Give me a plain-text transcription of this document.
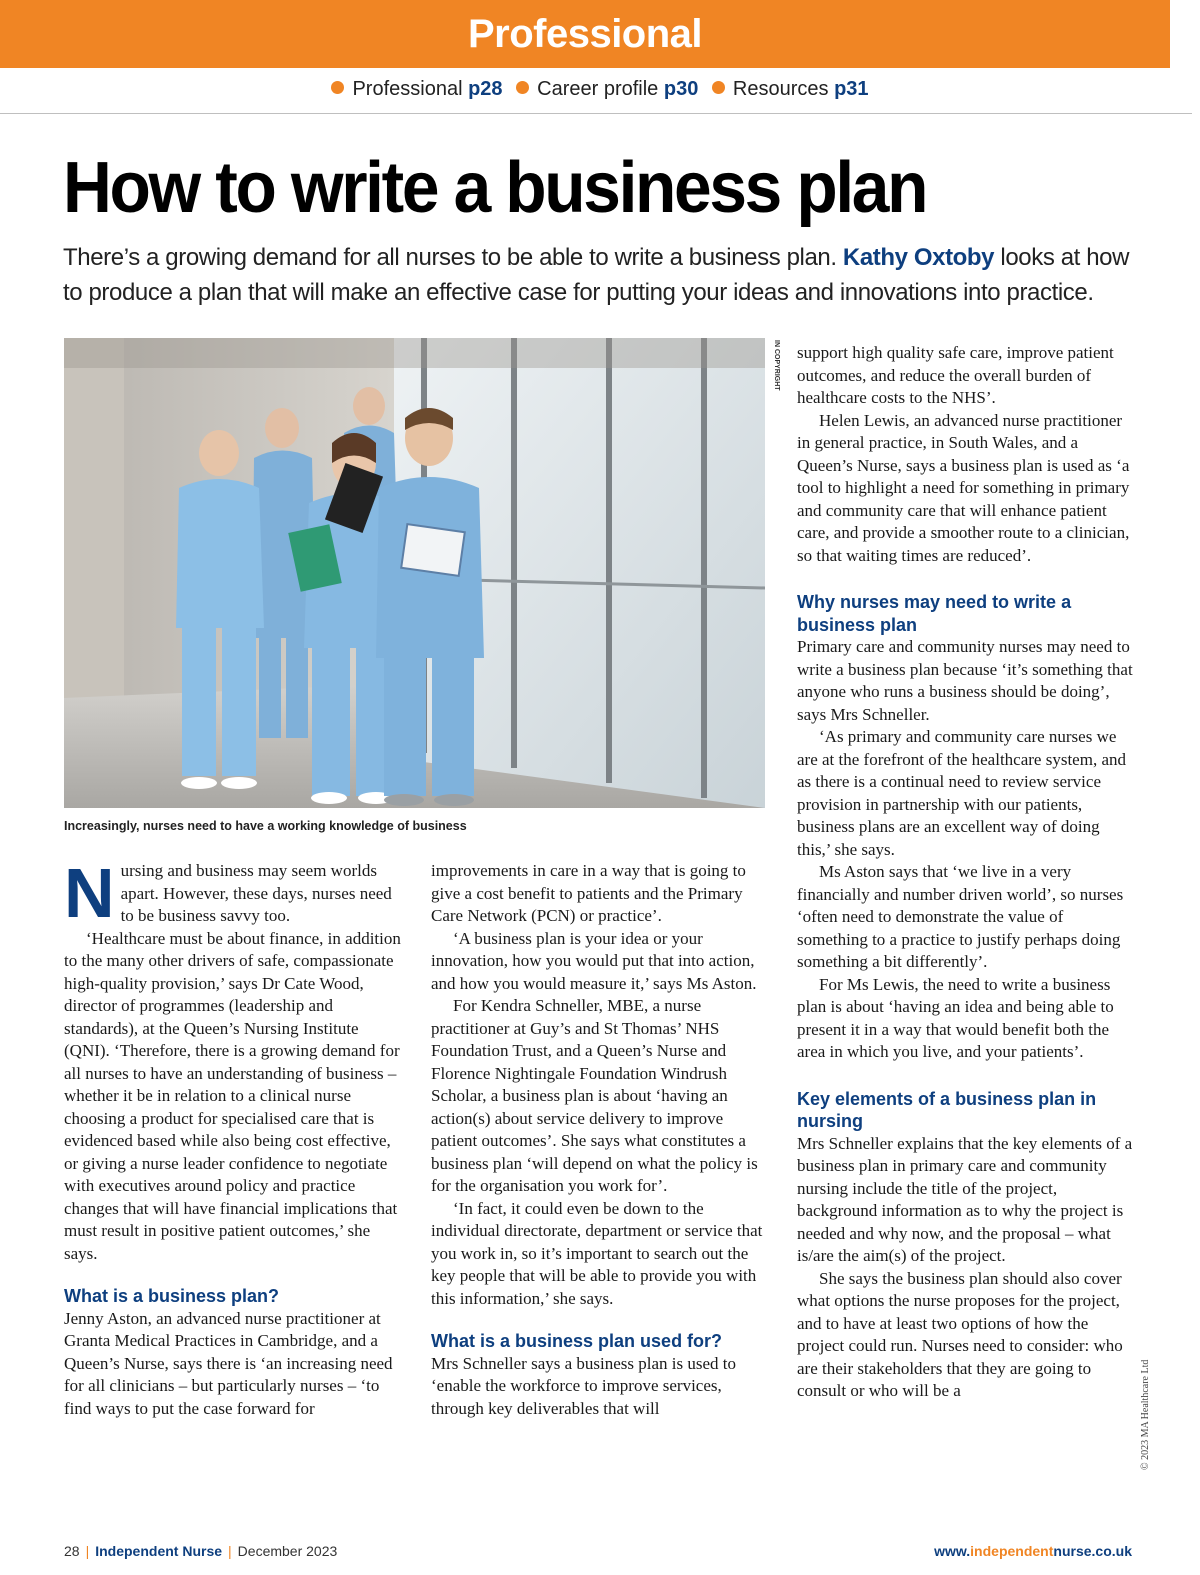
Professional
Professional p28 Career profile p30 Resources p31
How to write a business plan

There’s a growing demand for all nurses to be able to write a business plan. Kathy Oxtoby looks at how to produce a plan that will make an effective case for putting your ideas and innovations into practice.

IN COPYRIGHT

Increasingly, nurses need to have a working knowledge of business

N ursing and business may seem worlds apart. However, these days, nurses need to be business savvy too.

‘Healthcare must be about finance, in addition to the many other drivers of safe, compassionate high-quality provision,’ says Dr Cate Wood, director of programmes (leadership and standards), at the Queen’s Nursing Institute (QNI). ‘Therefore, there is a growing demand for all nurses to have an understanding of business – whether it be in relation to a clinical nurse choosing a product for specialised care that is evidenced based while also being cost effective, or giving a nurse leader confidence to negotiate with executives around policy and practice changes that will have financial implications that must result in positive patient outcomes,’ she says.

What is a business plan?

Jenny Aston, an advanced nurse practitioner at Granta Medical Practices in Cambridge, and a Queen’s Nurse, says there is ‘an increasing need for all clinicians – but particularly nurses – ‘to find ways to put the case forward for

improvements in care in a way that is going to give a cost benefit to patients and the Primary Care Network (PCN) or practice’.

‘A business plan is your idea or your innovation, how you would put that into action, and how you would measure it,’ says Ms Aston.

For Kendra Schneller, MBE, a nurse practitioner at Guy’s and St Thomas’ NHS Foundation Trust, and a Queen’s Nurse and Florence Nightingale Foundation Windrush Scholar, a business plan is about ‘having an action(s) about service delivery to improve patient outcomes’. She says what constitutes a business plan ‘will depend on what the policy is for the organisation you work for’.

‘In fact, it could even be down to the individual directorate, department or service that you work in, so it’s important to search out the key people that will be able to provide you with this information,’ she says.

What is a business plan used for?

Mrs Schneller says a business plan is used to ‘enable the workforce to improve services, through key deliverables that will

support high quality safe care, improve patient outcomes, and reduce the overall burden of healthcare costs to the NHS’.

Helen Lewis, an advanced nurse practitioner in general practice, in South Wales, and a Queen’s Nurse, says a business plan is used as ‘a tool to highlight a need for something in primary and community care that will enhance patient care, and provide a smoother route to a clinician, so that waiting times are reduced’.

Why nurses may need to write a business plan

Primary care and community nurses may need to write a business plan because ‘it’s something that anyone who runs a business should be doing’, says Mrs Schneller.

‘As primary and community care nurses we are at the forefront of the healthcare system, and as there is a continual need to review service provision in partnership with our patients, business plans are an excellent way of doing this,’ she says.

Ms Aston says that ‘we live in a very financially and number driven world’, so nurses ‘often need to demonstrate the value of something to a practice to justify perhaps doing something a bit differently’.

For Ms Lewis, the need to write a business plan is about ‘having an idea and being able to present it in a way that would benefit both the area in which you live, and your patients’.

Key elements of a business plan in nursing

Mrs Schneller explains that the key elements of a business plan in primary care and community nursing include the title of the project, background information as to why the project is needed and why now, and the proposal – what is/are the aim(s) of the project.

She says the business plan should also cover what options the nurse proposes for the project, and to have at least two options of how the project could run. Nurses need to consider: who are their stakeholders that they are going to consult or who will be a	© 2023 MA Healthcare Ltd
28 | Independent Nurse | December 2023	www.independentnurse.co.uk
